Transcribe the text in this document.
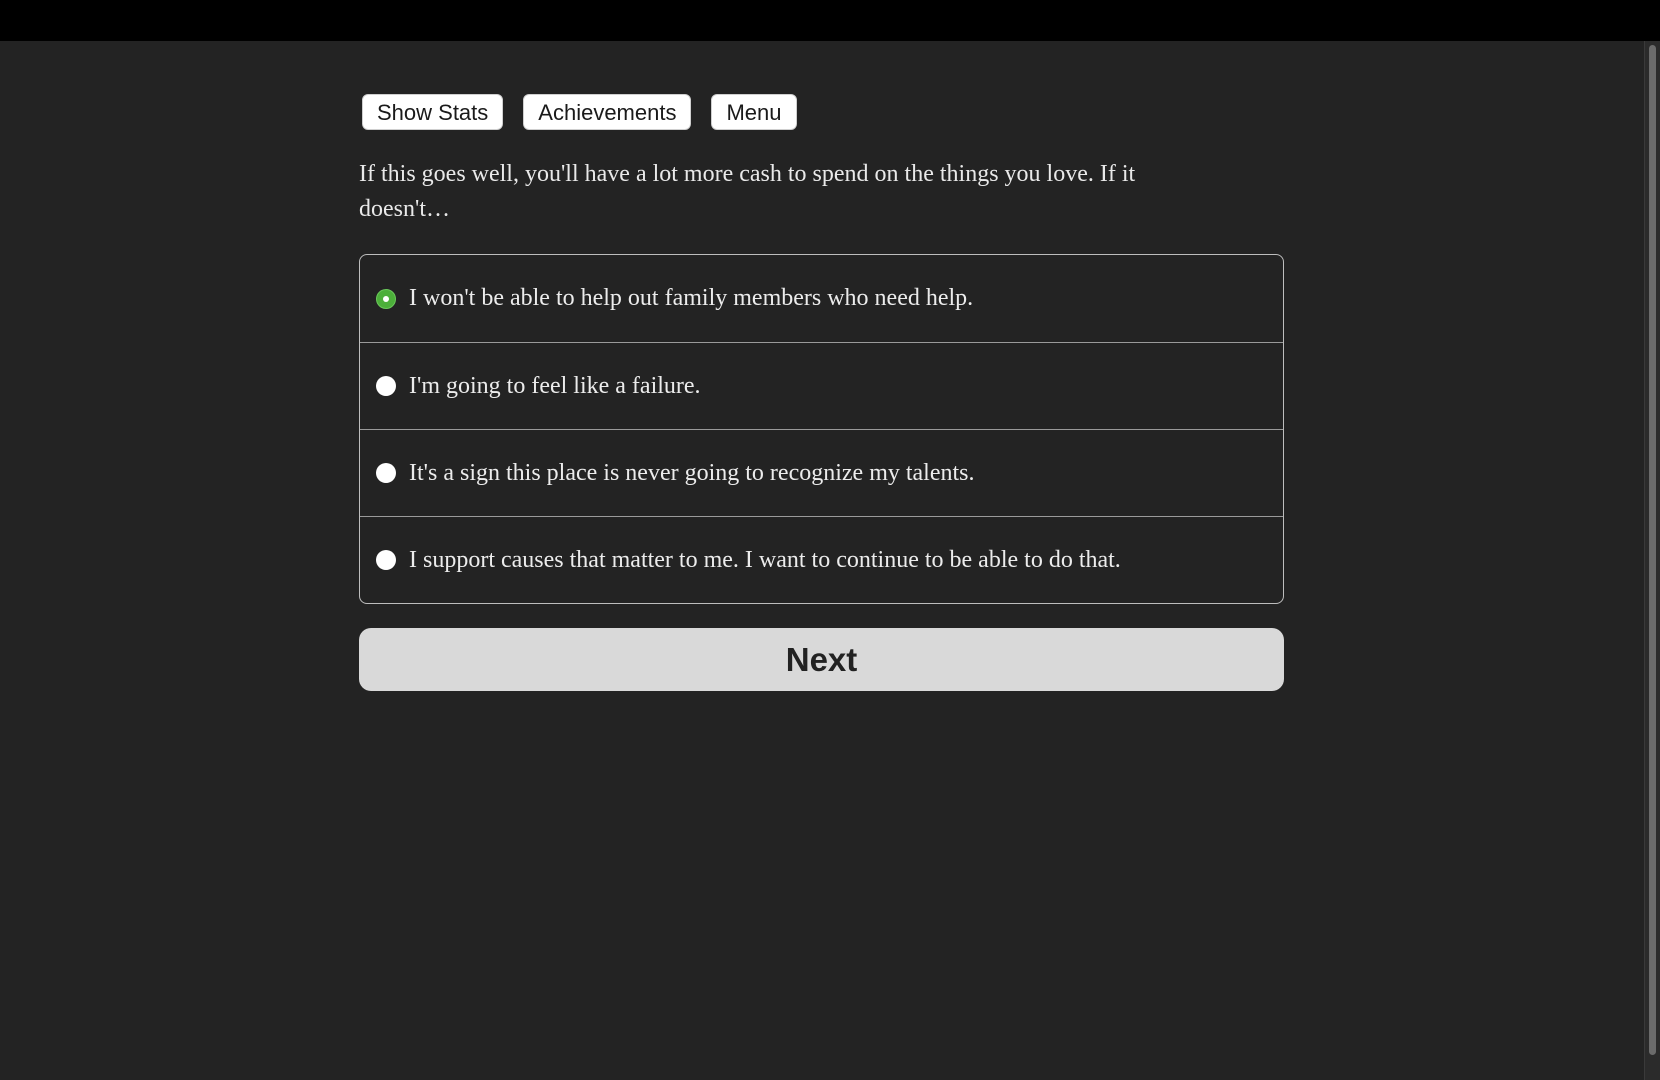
Show Stats	Achievements	Menu

If this goes well, you'll have a lot more cash to spend on the things you love. If it doesn't…

I won't be able to help out family members who need help.
I'm going to feel like a failure.
It's a sign this place is never going to recognize my talents.
I support causes that matter to me. I want to continue to be able to do that.
Next
